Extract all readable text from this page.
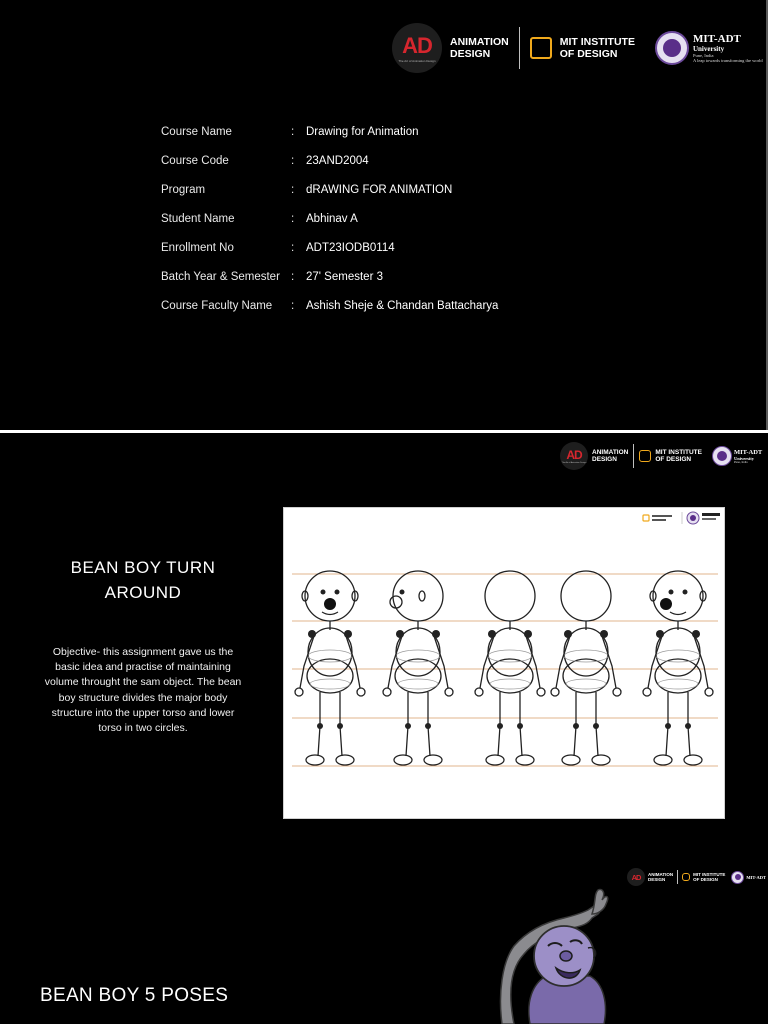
AD
The Art of Animation Design
ANIMATION
DESIGN
MIT INSTITUTE
OF DESIGN
MIT-ADT
University
Pune, India
A leap towards transforming the world
Course Name	:	Drawing for Animation
Course Code	:	23AND2004
Program	:	dRAWING FOR ANIMATION
Student Name	:	Abhinav A
Enrollment No	:	ADT23IODB0114
Batch Year & Semester :	27' Semester 3
Course Faculty Name	:	Ashish Sheje & Chandan Battacharya
AD
The Art of Animation Design
ANIMATION
DESIGN
MIT INSTITUTE
OF DESIGN
MIT-ADT
University
Pune, India
BEAN BOY TURN AROUND
Objective- this assignment gave us the basic idea and practise of maintaining volume throught the sam object. The bean boy structure divides the major body structure into the upper torso and lower torso in two circles.
AD ANIMATION
DESIGN
MIT INSTITUTE
OF DESIGN	MIT-ADT
BEAN BOY 5 POSES
